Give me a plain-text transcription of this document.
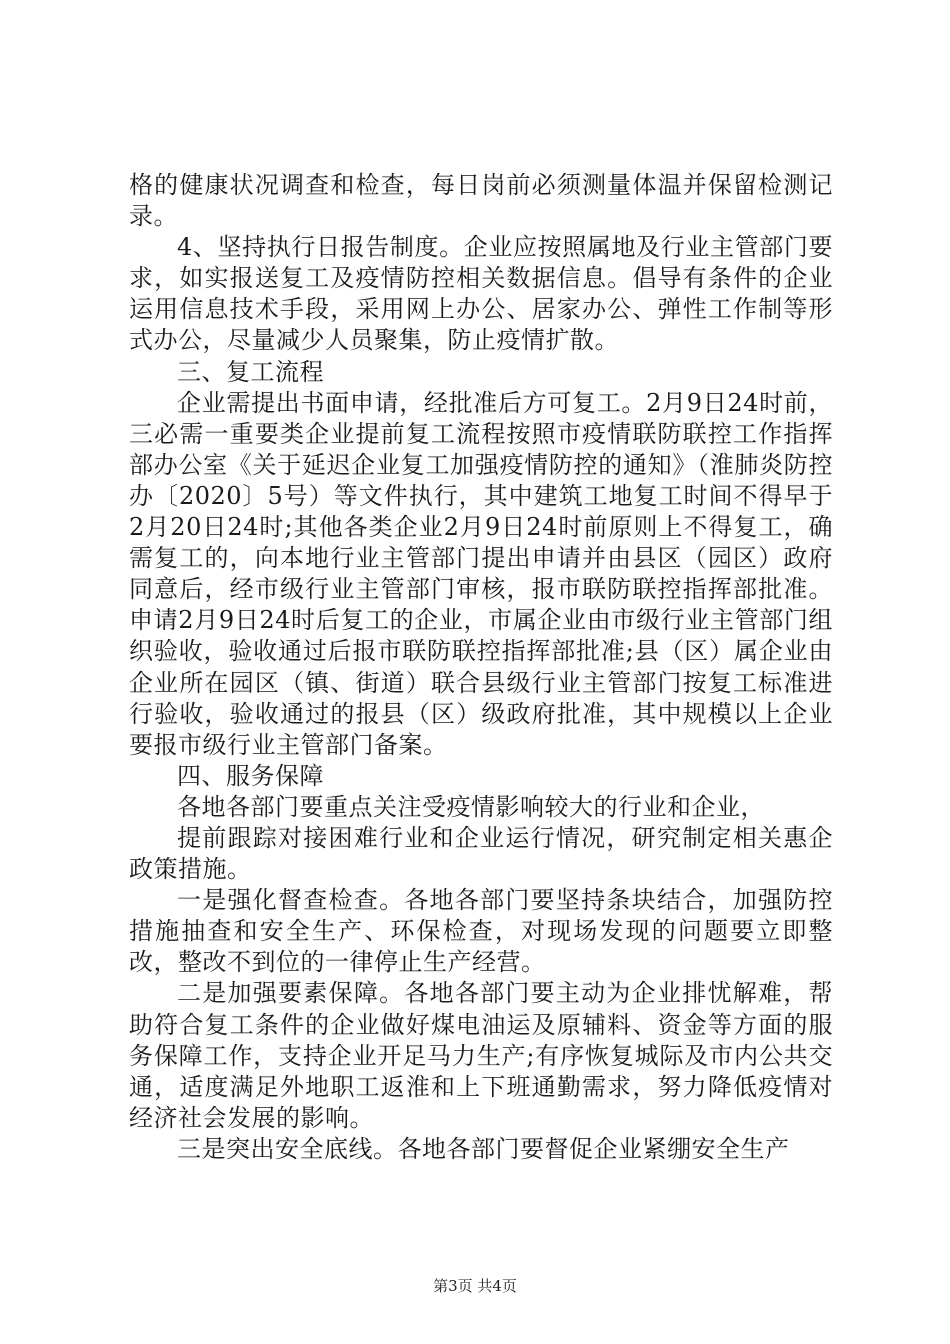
格的健康状况调查和检查，每日岗前必须测量体温并保留检测记录。

4、坚持执行日报告制度。企业应按照属地及行业主管部门要求，如实报送复工及疫情防控相关数据信息。倡导有条件的企业运用信息技术手段，采用网上办公、居家办公、弹性工作制等形式办公，尽量减少人员聚集，防止疫情扩散。

三、复工流程

企业需提出书面申请，经批准后方可复工。2月9日24时前，三必需一重要类企业提前复工流程按照市疫情联防联控工作指挥部办公室《关于延迟企业复工加强疫情防控的通知》（淮肺炎防控办〔2020〕5号）等文件执行，其中建筑工地复工时间不得早于2月20日24时;其他各类企业2月9日24时前原则上不得复工，确需复工的，向本地行业主管部门提出申请并由县区（园区）政府同意后，经市级行业主管部门审核，报市联防联控指挥部批准。申请2月9日24时后复工的企业，市属企业由市级行业主管部门组织验收，验收通过后报市联防联控指挥部批准;县（区）属企业由企业所在园区（镇、街道）联合县级行业主管部门按复工标准进行验收，验收通过的报县（区）级政府批准，其中规模以上企业要报市级行业主管部门备案。

四、服务保障

各地各部门要重点关注受疫情影响较大的行业和企业，

提前跟踪对接困难行业和企业运行情况，研究制定相关惠企政策措施。

一是强化督查检查。各地各部门要坚持条块结合，加强防控措施抽查和安全生产、环保检查，对现场发现的问题要立即整改，整改不到位的一律停止生产经营。

二是加强要素保障。各地各部门要主动为企业排忧解难，帮助符合复工条件的企业做好煤电油运及原辅料、资金等方面的服务保障工作，支持企业开足马力生产;有序恢复城际及市内公共交通，适度满足外地职工返淮和上下班通勤需求，努力降低疫情对经济社会发展的影响。

三是突出安全底线。各地各部门要督促企业紧绷安全生产

第3页 共4页
